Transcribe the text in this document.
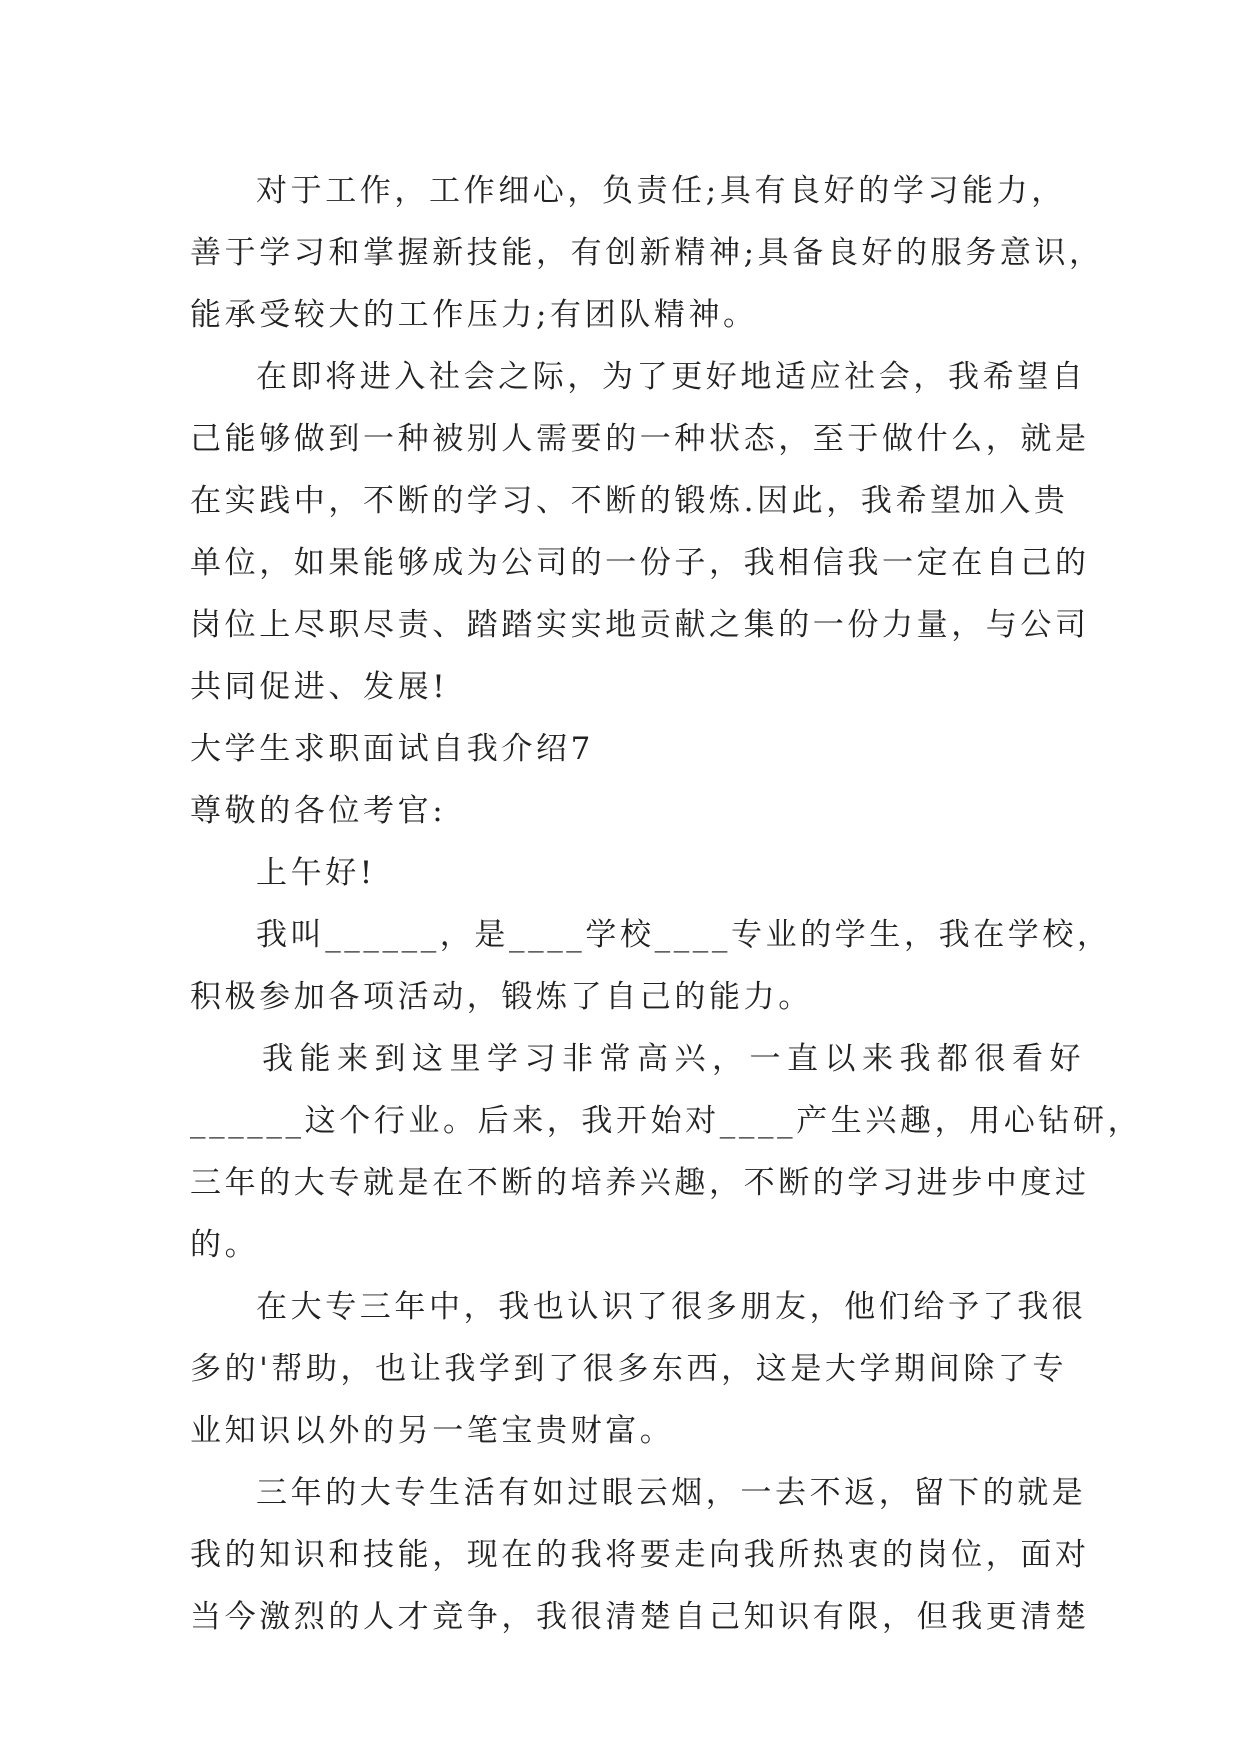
对于工作，工作细心，负责任;具有良好的学习能力，
善于学习和掌握新技能，有创新精神;具备良好的服务意识，
能承受较大的工作压力;有团队精神。
在即将进入社会之际，为了更好地适应社会，我希望自
己能够做到一种被别人需要的一种状态，至于做什么，就是
在实践中，不断的学习、不断的锻炼.因此，我希望加入贵
单位，如果能够成为公司的一份子，我相信我一定在自己的
岗位上尽职尽责、踏踏实实地贡献之集的一份力量，与公司
共同促进、发展!
大学生求职面试自我介绍7
尊敬的各位考官:
上午好!
我叫______，是____学校____专业的学生，我在学校，
积极参加各项活动，锻炼了自己的能力。
我能来到这里学习非常高兴，一直以来我都很看好
______这个行业。后来，我开始对____产生兴趣，用心钻研，
三年的大专就是在不断的培养兴趣，不断的学习进步中度过
的。
在大专三年中，我也认识了很多朋友，他们给予了我很
多的'帮助，也让我学到了很多东西，这是大学期间除了专
业知识以外的另一笔宝贵财富。
三年的大专生活有如过眼云烟，一去不返，留下的就是
我的知识和技能，现在的我将要走向我所热衷的岗位，面对
当今激烈的人才竞争，我很清楚自己知识有限，但我更清楚
